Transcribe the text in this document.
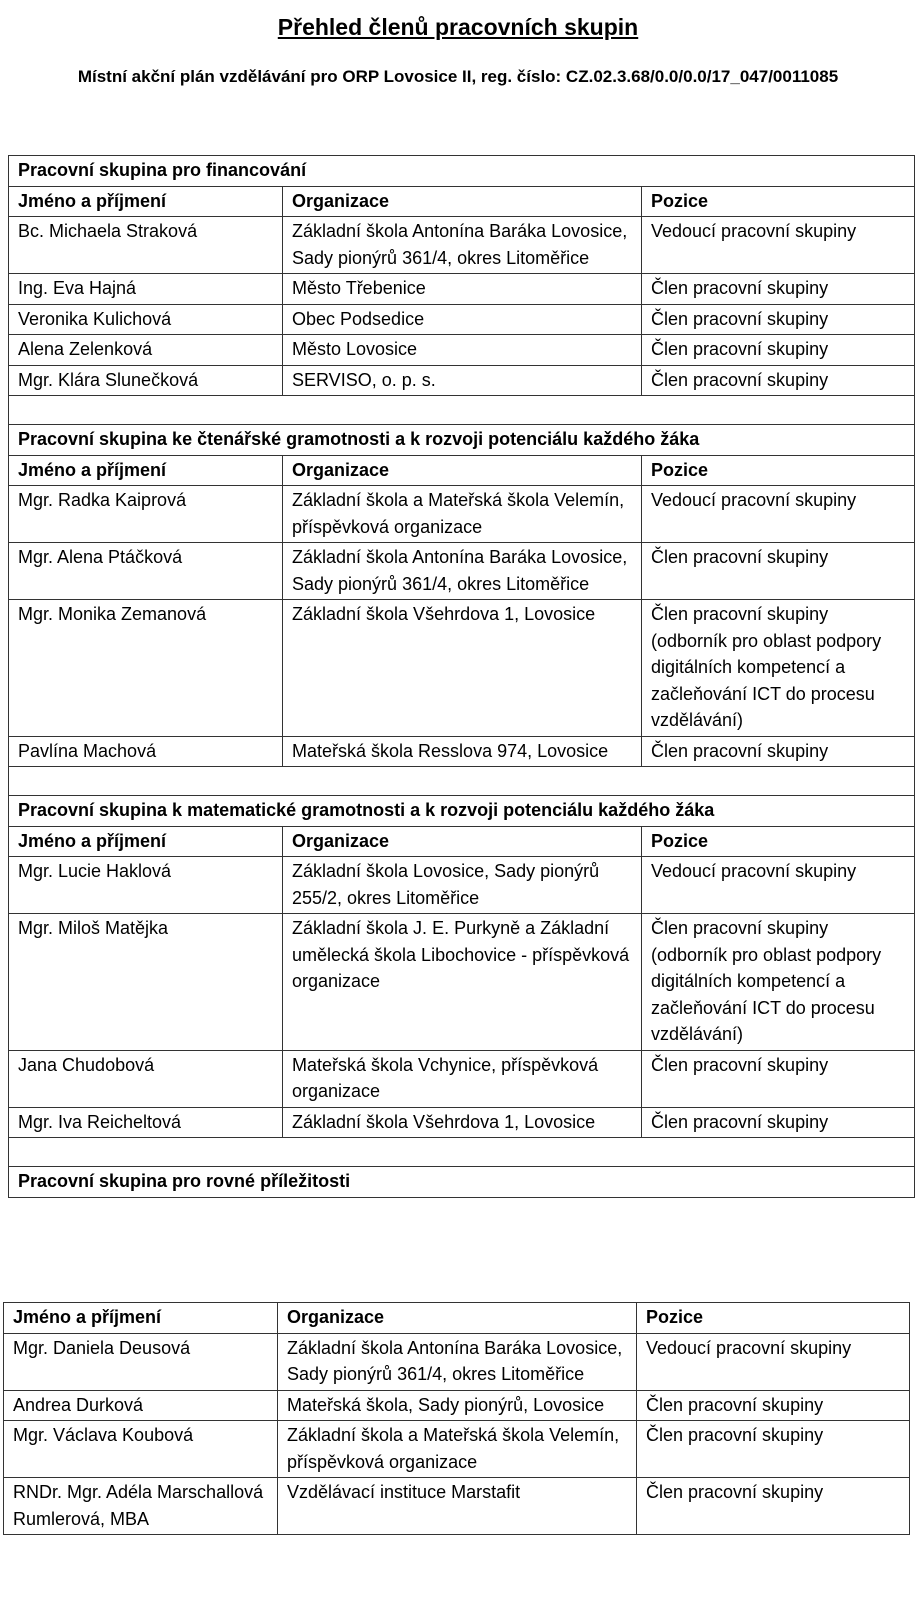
Přehled členů pracovních skupin
Místní akční plán vzdělávání pro ORP Lovosice II, reg. číslo: CZ.02.3.68/0.0/0.0/17_047/0011085
Pracovní skupina pro financování		
Jméno a příjmení	Organizace	Pozice
Bc. Michaela Straková	Základní škola Antonína Baráka Lovosice, Sady pionýrů 361/4, okres Litoměřice	Vedoucí pracovní skupiny
Ing. Eva Hajná	Město Třebenice	Člen pracovní skupiny
Veronika Kulichová	Obec Podsedice	Člen pracovní skupiny
Alena Zelenková	Město Lovosice	Člen pracovní skupiny
Mgr. Klára Slunečková	SERVISO, o. p. s.	Člen pracovní skupiny

Pracovní skupina ke čtenářské gramotnosti a k rozvoji potenciálu každého žáka		
Jméno a příjmení	Organizace	Pozice
Mgr. Radka Kaiprová	Základní škola a Mateřská škola Velemín, příspěvková organizace	Vedoucí pracovní skupiny
Mgr. Alena Ptáčková	Základní škola Antonína Baráka Lovosice, Sady pionýrů 361/4, okres Litoměřice	Člen pracovní skupiny
Mgr. Monika Zemanová	Základní škola Všehrdova 1, Lovosice	Člen pracovní skupiny (odborník pro oblast podpory digitálních kompetencí a začleňování ICT do procesu vzdělávání)
Pavlína Machová	Mateřská škola Resslova 974, Lovosice	Člen pracovní skupiny

Pracovní skupina k matematické gramotnosti a k rozvoji potenciálu každého žáka		
Jméno a příjmení	Organizace	Pozice
Mgr. Lucie Haklová	Základní škola Lovosice, Sady pionýrů 255/2, okres Litoměřice	Vedoucí pracovní skupiny
Mgr. Miloš Matějka	Základní škola J. E. Purkyně a Základní umělecká škola Libochovice - příspěvková organizace	Člen pracovní skupiny (odborník pro oblast podpory digitálních kompetencí a začleňování ICT do procesu vzdělávání)
Jana Chudobová	Mateřská škola Vchynice, příspěvková organizace	Člen pracovní skupiny
Mgr. Iva Reicheltová	Základní škola Všehrdova 1, Lovosice	Člen pracovní skupiny

Pracovní skupina pro rovné příležitosti		
Jméno a příjmení	Organizace	Pozice
Mgr. Daniela Deusová	Základní škola Antonína Baráka Lovosice, Sady pionýrů 361/4, okres Litoměřice	Vedoucí pracovní skupiny
Andrea Durková	Mateřská škola, Sady pionýrů, Lovosice	Člen pracovní skupiny
Mgr. Václava Koubová	Základní škola a Mateřská škola Velemín, příspěvková organizace	Člen pracovní skupiny
RNDr. Mgr. Adéla Marschallová Rumlerová, MBA	Vzdělávací instituce Marstafit	Člen pracovní skupiny
